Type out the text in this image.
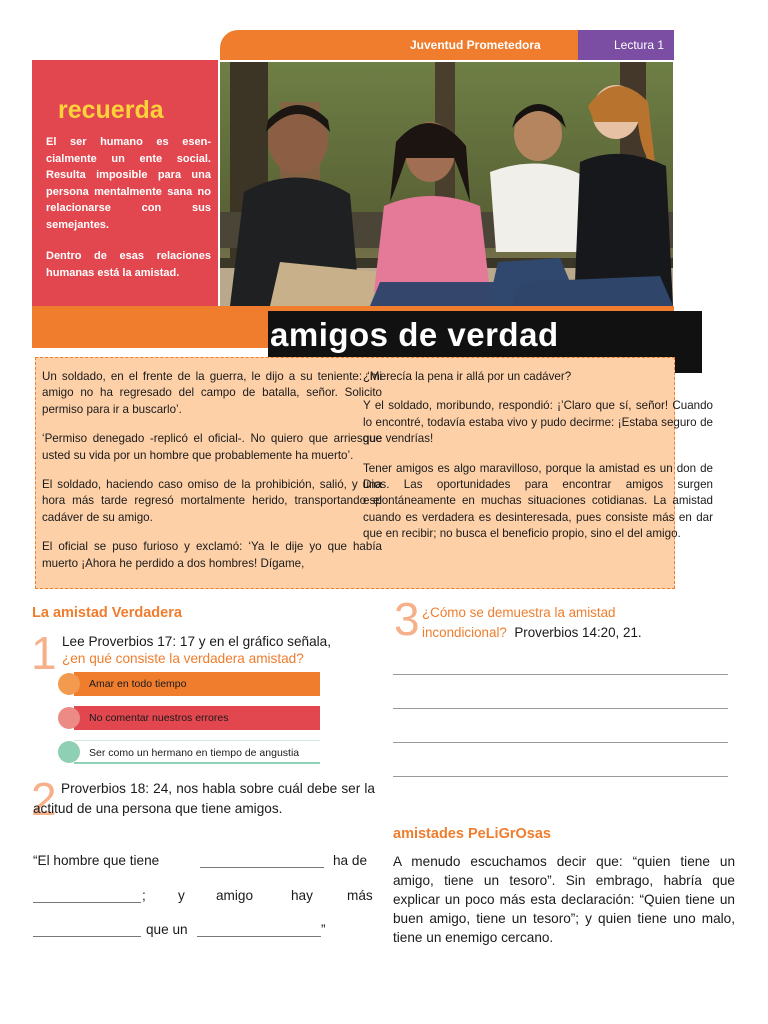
Juventud Prometedora	Lectura 1
recuerda
El ser humano es esen-cialmente un ente social. Resulta imposible para una persona mentalmente sana no relacionarse con sus semejantes.
Dentro de esas relaciones humanas está la amistad.
amigos de verdad

Un soldado, en el frente de la guerra, le dijo a su teniente: ‘Mi amigo no ha regresado del campo de batalla, señor. Solicito permiso para ir a buscarlo’.

‘Permiso denegado -replicó el oficial-. No quiero que arriesgue usted su vida por un hombre que probablemente ha muerto’.

El soldado, haciendo caso omiso de la prohibición, salió, y una hora más tarde regresó mortalmente herido, transportando el cadáver de su amigo.

El oficial se puso furioso y exclamó: ‘Ya le dije yo que había muerto ¡Ahora he perdido a dos hombres! Dígame,

¿merecía la pena ir allá por un cadáver?

Y el soldado, moribundo, respondió: ¡’Claro que sí, señor! Cuando lo encontré, todavía estaba vivo y pudo decirme: ¡Estaba seguro de que vendrías!

Tener amigos es algo maravilloso, porque la amistad es un don de Dios. Las oportunidades para encontrar amigos surgen espontáneamente en muchas situaciones cotidianas. La amistad cuando es verdadera es desinteresada, pues consiste más en dar que en recibir; no busca el beneficio propio, sino el del amigo.

La amistad Verdadera
1 Lee Proverbios 17: 17 y en el gráfico señala,
¿en qué consiste la verdadera amistad?
Amar en todo tiempo
No comentar nuestros errores
Ser como un hermano en tiempo de angustia
2 Proverbios 18: 24, nos habla sobre cuál debe ser la actitud de una persona que tiene amigos.
“El hombre que tiene	ha de
; y amigo	hay	más
que un	”
3 ¿Cómo se demuestra la amistad incondicional? Proverbios 14:20, 21.
amistades PeLiGrOsas
A menudo escuchamos decir que: “quien tiene un amigo, tiene un tesoro”. Sin embrago, habría que explicar un poco más esta declaración: “Quien tiene un buen amigo, tiene un tesoro”; y quien tiene uno malo, tiene un enemigo cercano.
